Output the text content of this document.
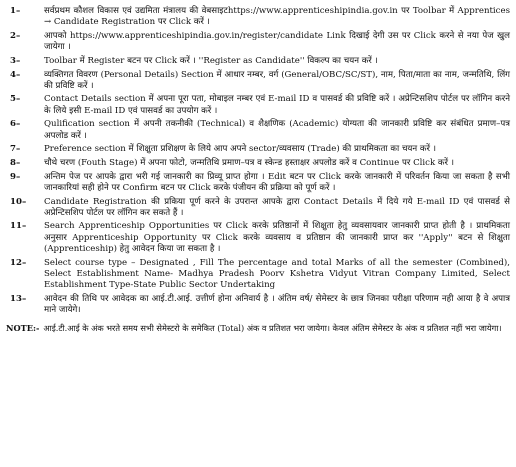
1–	सर्वप्रथम कौशल विकास एवं उद्यमिता मंत्रालय की वेबसाइटhttps://www.apprenticeshipindia.gov.in पर Toolbar में Apprentices → Candidate Registration पर Click करें ।
2–	आपको https://www.apprenticeshipindia.gov.in/register/candidate Link दिखाई देगी उस पर Click करने से नया पेज खुल जायेगा ।
3–	Toolbar में Register बटन पर Click करें । ''Register as Candidate'' विकल्प का चयन करें ।
4–	व्यक्तिगत विवरण (Personal Details) Section में आधार नम्बर, वर्ग (General/OBC/SC/ST), नाम, पिता/माता का नाम, जन्मतिथि, लिंग की प्रविष्टि करें ।
5–	Contact Details section में अपना पूरा पता, मोबाइल नम्बर एवं E-mail ID व पासवर्ड की प्रविष्टि करें । अप्रेन्टिसशिप पोर्टल पर लॉगिन करने के लिये इसी E-mail ID एवं पासवर्ड का उपयोग करें ।
6–	Qulification section में अपनी तकनीकी (Technical) व शैक्षणिक (Academic) योग्यता की जानकारी प्रविष्टि कर संबंधित प्रमाण–पत्र अपलोड करें ।
7–	Preference section में शिक्षुता प्रशिक्षण के लिये आप अपने sector/व्यवसाय (Trade) की प्राथमिकता का चयन करें ।
8–	चौथे चरण (Fouth Stage) में अपना फोटो, जन्मतिथि प्रमाण–पत्र व स्केन्ड हस्ताक्षर अपलोड करें व Continue पर Click करें ।
9–	अन्तिम पेज पर आपके द्वारा भरी गई जानकारी का प्रिव्यू प्राप्त होगा । Edit बटन पर Click करके जानकारी में परिवर्तन किया जा सकता है सभी जानकारियां सही होने पर Confirm बटन पर Click करके पंजीयन की प्रक्रिया को पूर्ण करें ।
10–	Candidate Registration की प्रकिया पूर्ण करने के उपरान्त आपके द्वारा Contact Details में दिये गये E-mail ID एवं पासवर्ड से अप्रेन्टिसशिप पोर्टल पर लॉगिन कर सकते हैं ।
11–	Search Apprenticeship Opportunities पर Click करके प्रतिष्ठानों में शिक्षुता हेतु व्यवसायवार जानकारी प्राप्त होती है । प्राथमिकता अनुसार Apprenticeship Opportunity पर Click करके व्यवसाय व प्रतिष्ठान की जानकारी प्राप्त कर ''Apply'' बटन से शिक्षुता (Apprenticeship) हेतु आवेदन किया जा सकता है ।
12–	Select course type – Designated , Fill The percentage and total Marks of all the semester (Combined), Select Establishment Name- Madhya Pradesh Poorv Kshetra Vidyut Vitran Company Limited, Select Establishment Type-State Public Sector Undertaking
13–	आवेदन की तिथि पर आवेदक का आई.टी.आई. उत्तीर्ण होना अनिवार्य है । अंतिम वर्ष/ सेमेस्टर के छात्र जिनका परीक्षा परिणाम नही आया है वे अपात्र माने जायेगे।
NOTE:- आई.टी.आई के अंक भरते समय सभी सेमेस्टरो के समेकित (Total) अंक व प्रतिशत भरा जायेगा। केवल अंतिम सेमेस्टर के अंक व प्रतिशत नहीं भरा जायेगा।
